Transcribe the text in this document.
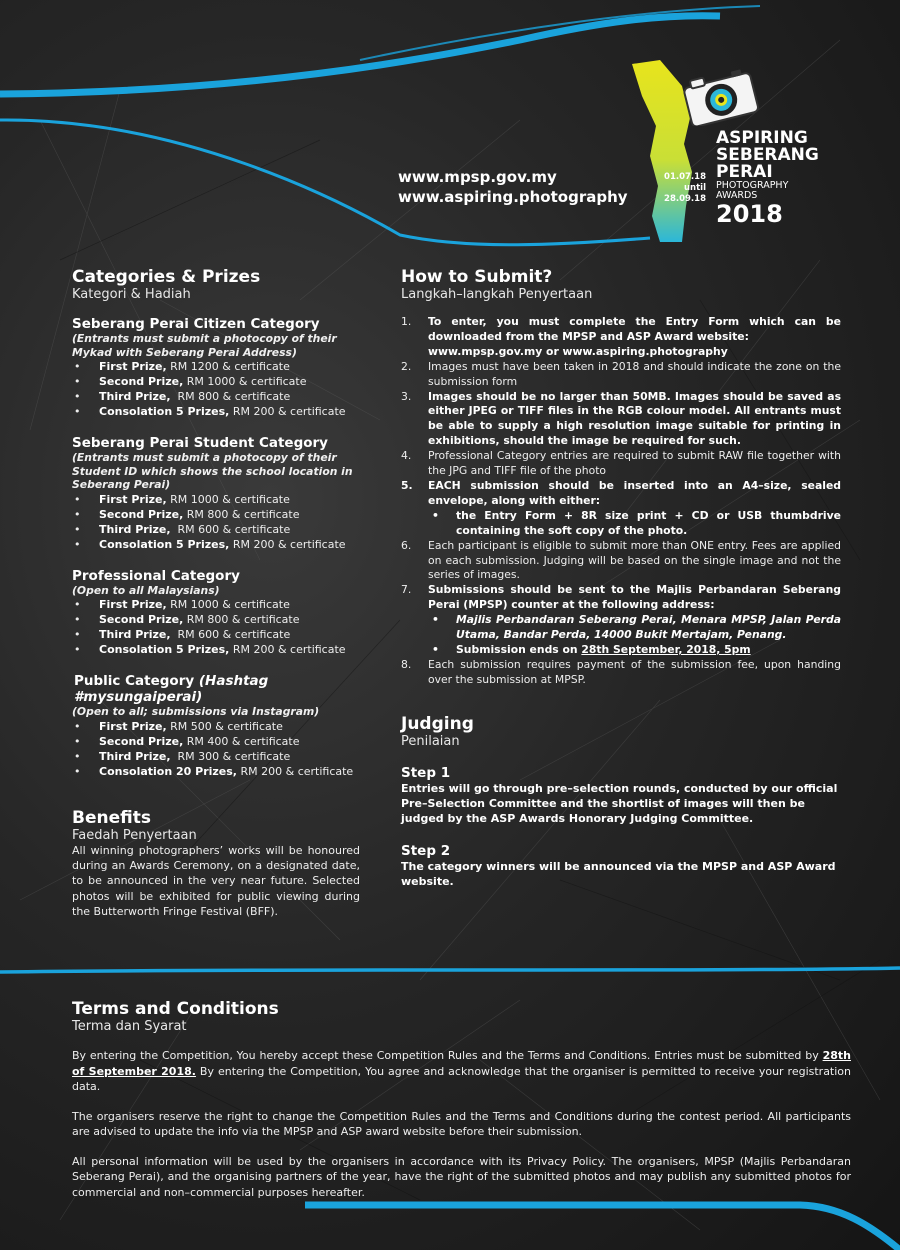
www.mpsp.gov.my
www.aspiring.photography
ASPIRING
SEBERANG
PERAI
PHOTOGRAPHY
AWARDS
2018
01.07.18
until
28.09.18
Categories & Prizes
Kategori & Hadiah
Seberang Perai Citizen Category
(Entrants must submit a photocopy of their Mykad with Seberang Perai Address)
• First Prize, RM 1200 & certificate
• Second Prize, RM 1000 & certificate
• Third Prize,  RM 800 & certificate
• Consolation 5 Prizes, RM 200 & certificate
Seberang Perai Student Category
(Entrants must submit a photocopy of their Student ID which shows the school location in Seberang Perai)
• First Prize, RM 1000 & certificate
• Second Prize, RM 800 & certificate
• Third Prize,  RM 600 & certificate
• Consolation 5 Prizes, RM 200 & certificate
Professional Category
(Open to all Malaysians)
• First Prize, RM 1000 & certificate
• Second Prize, RM 800 & certificate
• Third Prize,  RM 600 & certificate
• Consolation 5 Prizes, RM 200 & certificate
Public Category (Hashtag #mysungaiperai)
(Open to all; submissions via Instagram)
• First Prize, RM 500 & certificate
• Second Prize, RM 400 & certificate
• Third Prize,  RM 300 & certificate
• Consolation 20 Prizes, RM 200 & certificate
Benefits
Faedah Penyertaan
All winning photographers’ works will be honoured during an Awards Ceremony, on a designated date, to be announced in the very near future. Selected photos will be exhibited for public viewing during the Butterworth Fringe Festival (BFF).
How to Submit?
Langkah–langkah Penyertaan
1. To enter, you must complete the Entry Form which can be downloaded from the MPSP and ASP Award website:
www.mpsp.gov.my or www.aspiring.photography
2. Images must have been taken in 2018 and should indicate the zone on the submission form
3. Images should be no larger than 50MB. Images should be saved as either JPEG or TIFF files in the RGB colour model. All entrants must be able to supply a high resolution image suitable for printing in exhibitions, should the image be required for such.
4. Professional Category entries are required to submit RAW file together with the JPG and TIFF file of the photo
5. EACH submission should be inserted into an A4–size, sealed envelope, along with either:
• the Entry Form + 8R size print + CD or USB thumbdrive containing the soft copy of the photo.
6. Each participant is eligible to submit more than ONE entry. Fees are applied on each submission. Judging will be based on the single image and not the series of images.
7. Submissions should be sent to the Majlis Perbandaran Seberang Perai (MPSP) counter at the following address:
• Majlis Perbandaran Seberang Perai, Menara MPSP, Jalan Perda Utama, Bandar Perda, 14000 Bukit Mertajam, Penang.
• Submission ends on 28th September, 2018, 5pm
8. Each submission requires payment of the submission fee, upon handing over the submission at MPSP.
Judging
Penilaian
Step 1
Entries will go through pre–selection rounds, conducted by our official Pre–Selection Committee and the shortlist of images will then be judged by the ASP Awards Honorary Judging Committee.
Step 2
The category winners will be announced via the MPSP and ASP Award website.
Terms and Conditions
Terma dan Syarat
By entering the Competition, You hereby accept these Competition Rules and the Terms and Conditions. Entries must be submitted by 28th of September 2018. By entering the Competition, You agree and acknowledge that the organiser is permitted to receive your registration data.
The organisers reserve the right to change the Competition Rules and the Terms and Conditions during the contest period. All participants are advised to update the info via the MPSP and ASP award website before their submission.
All personal information will be used by the organisers in accordance with its Privacy Policy. The organisers, MPSP (Majlis Perbandaran Seberang Perai), and the organising partners of the year, have the right of the submitted photos and may publish any submitted photos for commercial and non–commercial purposes hereafter.
